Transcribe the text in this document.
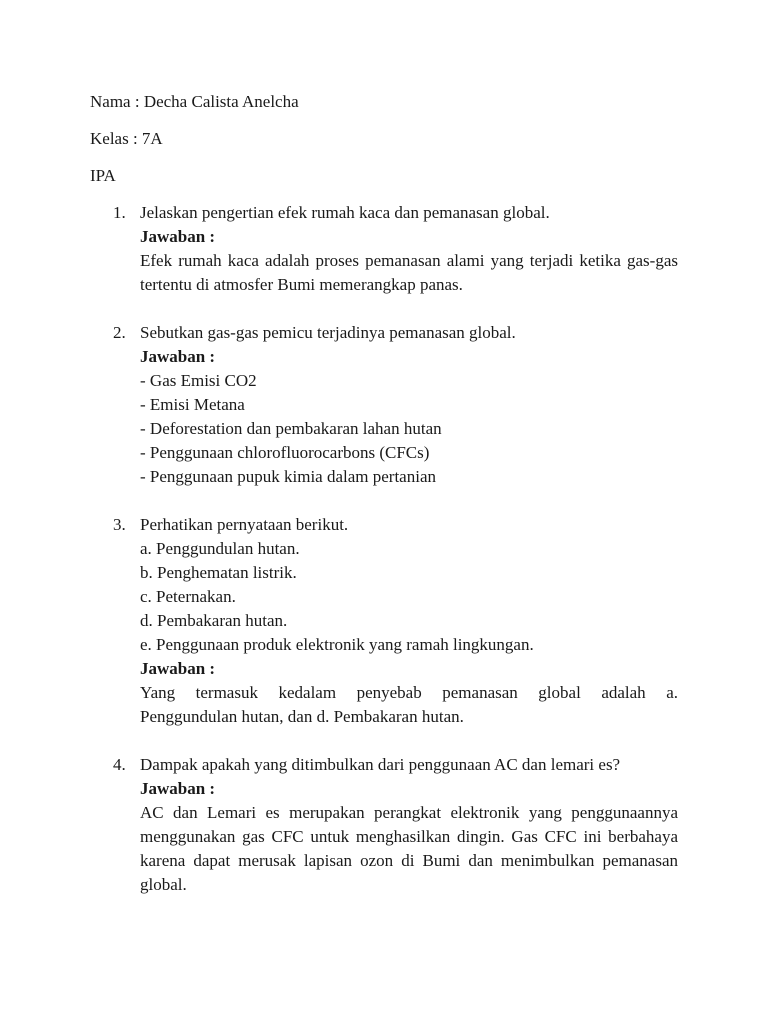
Nama : Decha Calista Anelcha

Kelas : 7A

IPA

1. Jelaskan pengertian efek rumah kaca dan pemanasan global.

Jawaban :

Efek rumah kaca adalah proses pemanasan alami yang terjadi ketika gas-gas

tertentu di atmosfer Bumi memerangkap panas.

2. Sebutkan gas-gas pemicu terjadinya pemanasan global.

Jawaban :

- Gas Emisi CO2

- Emisi Metana

- Deforestation dan pembakaran lahan hutan

- Penggunaan chlorofluorocarbons (CFCs)

- Penggunaan pupuk kimia dalam pertanian

3. Perhatikan pernyataan berikut.

a. Penggundulan hutan.

b. Penghematan listrik.

c. Peternakan.

d. Pembakaran hutan.

e. Penggunaan produk elektronik yang ramah lingkungan.

Jawaban :

Yang termasuk kedalam penyebab pemanasan global adalah a.

Penggundulan hutan, dan d. Pembakaran hutan.

4. Dampak apakah yang ditimbulkan dari penggunaan AC dan lemari es?

Jawaban :

AC dan Lemari es merupakan perangkat elektronik yang penggunaannya

menggunakan gas CFC untuk menghasilkan dingin. Gas CFC ini berbahaya

karena dapat merusak lapisan ozon di Bumi dan menimbulkan pemanasan

global.
